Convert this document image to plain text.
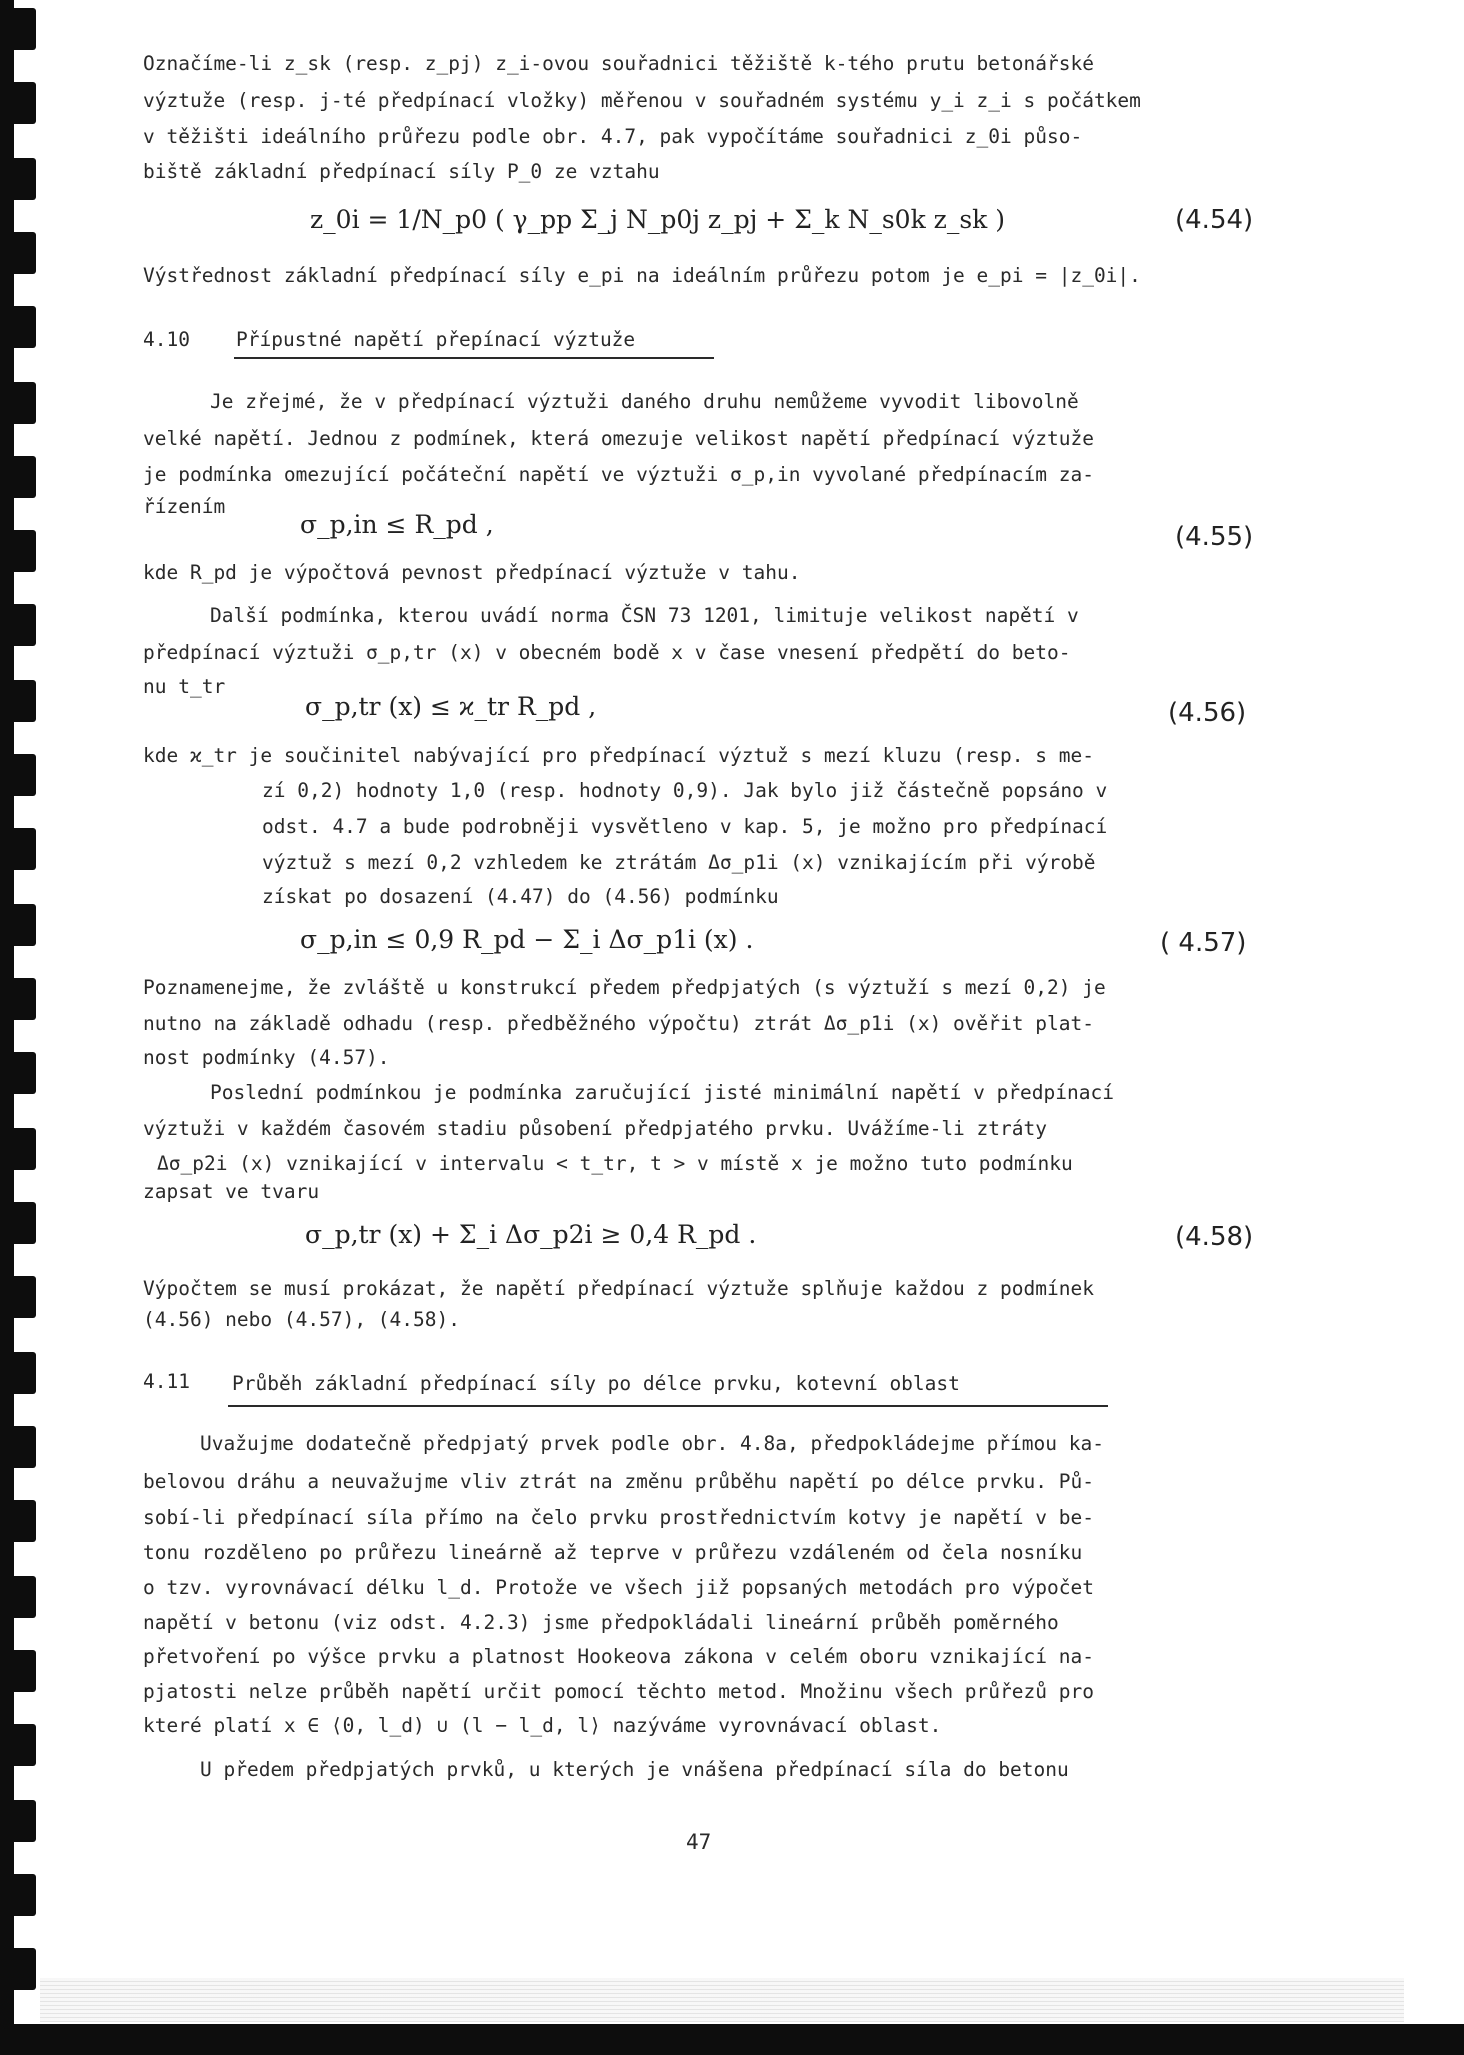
Označíme-li z_sk (resp. z_pj) z_i-ovou souřadnici těžiště k-tého prutu betonářské
výztuže (resp. j-té předpínací vložky) měřenou v souřadném systému y_i z_i s počátkem
v těžišti ideálního průřezu podle obr. 4.7, pak vypočítáme souřadnici z_0i půso-
biště základní předpínací síly P_0 ze vztahu
z_0i = 1/N_p0 ( γ_pp Σ_j N_p0j z_pj + Σ_k N_s0k z_sk )	(4.54)
Výstřednost základní předpínací síly e_pi na ideálním průřezu potom je e_pi = |z_0i|.
4.10 Přípustné napětí přepínací výztuže
Je zřejmé, že v předpínací výztuži daného druhu nemůžeme vyvodit libovolně
velké napětí. Jednou z podmínek, která omezuje velikost napětí předpínací výztuže
je podmínka omezující počáteční napětí ve výztuži σ_p,in vyvolané předpínacím za-
řízením
σ_p,in ≤ R_pd ,	(4.55)
kde R_pd je výpočtová pevnost předpínací výztuže v tahu.
Další podmínka, kterou uvádí norma ČSN 73 1201, limituje velikost napětí v
předpínací výztuži σ_p,tr (x) v obecném bodě x v čase vnesení předpětí do beto-
nu t_tr
σ_p,tr (x) ≤ ϰ_tr R_pd ,	(4.56)
kde ϰ_tr je součinitel nabývající pro předpínací výztuž s mezí kluzu (resp. s me-
zí 0,2) hodnoty 1,0 (resp. hodnoty 0,9). Jak bylo již částečně popsáno v
odst. 4.7 a bude podrobněji vysvětleno v kap. 5, je možno pro předpínací
výztuž s mezí 0,2 vzhledem ke ztrátám Δσ_p1i (x) vznikajícím při výrobě
získat po dosazení (4.47) do (4.56) podmínku
σ_p,in ≤ 0,9 R_pd − Σ_i Δσ_p1i (x) .	( 4.57)
Poznamenejme, že zvláště u konstrukcí předem předpjatých (s výztuží s mezí 0,2) je
nutno na základě odhadu (resp. předběžného výpočtu) ztrát Δσ_p1i (x) ověřit plat-
nost podmínky (4.57).
Poslední podmínkou je podmínka zaručující jisté minimální napětí v předpínací
výztuži v každém časovém stadiu působení předpjatého prvku. Uvážíme-li ztráty
Δσ_p2i (x) vznikající v intervalu < t_tr, t > v místě x je možno tuto podmínku
zapsat ve tvaru
σ_p,tr (x) + Σ_i Δσ_p2i ≥ 0,4 R_pd .	(4.58)
Výpočtem se musí prokázat, že napětí předpínací výztuže splňuje každou z podmínek
(4.56) nebo (4.57), (4.58).
4.11 Průběh základní předpínací síly po délce prvku, kotevní oblast
Uvažujme dodatečně předpjatý prvek podle obr. 4.8a, předpokládejme přímou ka-
belovou dráhu a neuvažujme vliv ztrát na změnu průběhu napětí po délce prvku. Pů-
sobí-li předpínací síla přímo na čelo prvku prostřednictvím kotvy je napětí v be-
tonu rozděleno po průřezu lineárně až teprve v průřezu vzdáleném od čela nosníku
o tzv. vyrovnávací délku l_d. Protože ve všech již popsaných metodách pro výpočet
napětí v betonu (viz odst. 4.2.3) jsme předpokládali lineární průběh poměrného
přetvoření po výšce prvku a platnost Hookeova zákona v celém oboru vznikající na-
pjatosti nelze průběh napětí určit pomocí těchto metod. Množinu všech průřezů pro
které platí x ∈ ⟨0, l_d) ∪ (l − l_d, l⟩ nazýváme vyrovnávací oblast.
U předem předpjatých prvků, u kterých je vnášena předpínací síla do betonu
47
